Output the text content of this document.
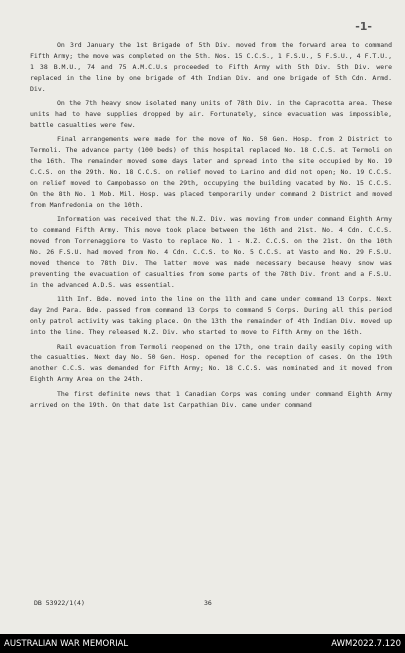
-1-

On 3rd January the 1st Brigade of 5th Div. moved from the forward area to command Fifth Army; the move was completed on the 5th. Nos. 15 C.C.S., 1 F.S.U., 5 F.S.U., 4 F.T.U., 1 38 B.M.U., 74 and 75 A.M.C.U.s proceeded to Fifth Army with 5th Div. 5th Div. were replaced in the line by one brigade of 4th Indian Div. and one brigade of 5th Cdn. Armd. Div.

On the 7th heavy snow isolated many units of 78th Div. in the Capracotta area. These units had to have supplies dropped by air. Fortunately, since evacuation was impossible, battle casualties were few.

Final arrangements were made for the move of No. 50 Gen. Hosp. from 2 District to Termoli. The advance party (100 beds) of this hospital replaced No. 18 C.C.S. at Termoli on the 16th. The remainder moved some days later and spread into the site occupied by No. 19 C.C.S. on the 29th. No. 18 C.C.S. on relief moved to Larino and did not open; No. 19 C.C.S. on relief moved to Campobasso on the 29th, occupying the building vacated by No. 15 C.C.S. On the 8th No. 1 Mob. Mil. Hosp. was placed temporarily under command 2 District and moved from Manfredonia on the 10th.

Information was received that the N.Z. Div. was moving from under command Eighth Army to command Fifth Army. This move took place between the 16th and 21st. No. 4 Cdn. C.C.S. moved from Torrenaggiore to Vasto to replace No. 1 - N.Z. C.C.S. on the 21st. On the 10th No. 26 F.S.U. had moved from No. 4 Cdn. C.C.S. to No. 5 C.C.S. at Vasto and No. 29 F.S.U. moved thence to 78th Div. The latter move was made necessary because heavy snow was preventing the evacuation of casualties from some parts of the 78th Div. front and a F.S.U. in the advanced A.D.S. was essential.

11th Inf. Bde. moved into the line on the 11th and came under command 13 Corps. Next day 2nd Para. Bde. passed from command 13 Corps to command 5 Corps. During all this period only patrol activity was taking place. On the 13th the remainder of 4th Indian Div. moved up into the line. They released N.Z. Div. who started to move to Fifth Army on the 16th.

Rail evacuation from Termoli reopened on the 17th, one train daily easily coping with the casualties. Next day No. 50 Gen. Hosp. opened for the reception of cases. On the 19th another C.C.S. was demanded for Fifth Army; No. 18 C.C.S. was nominated and it moved from Eighth Army Area on the 24th.

The first definite news that 1 Canadian Corps was coming under command Eighth Army arrived on the 19th. On that date 1st Carpathian Div. came under command

DB 53922/1(4)	36
AUSTRALIAN WAR MEMORIAL	AWM2022.7.120
